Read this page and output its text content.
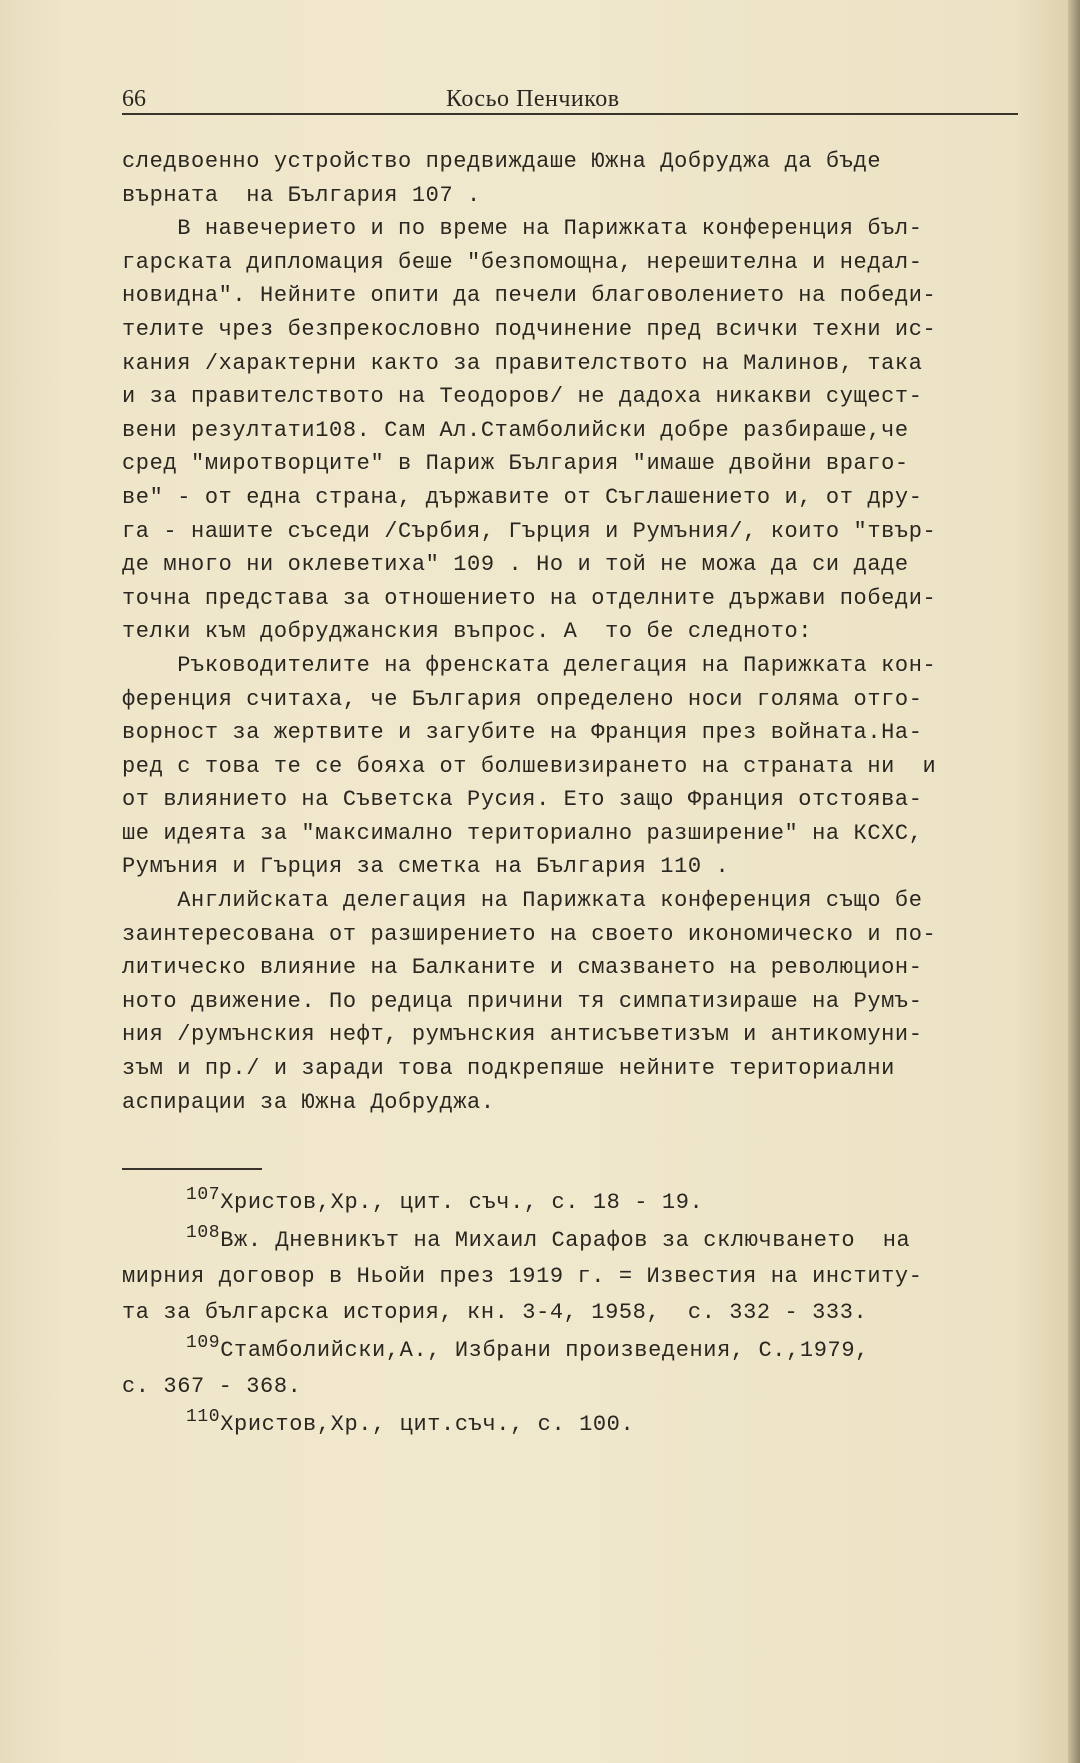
66	Косьо Пенчиков
следвоенно устройство предвиждаше Южна Добруджа да бъде
върната  на България 107 .
В навечерието и по време на Парижката конференция бъл-
гарската дипломация беше "безпомощна, нерешителна и недал-
новидна". Нейните опити да печели благоволението на победи-
телите чрез безпрекословно подчинение пред всички техни ис-
кания /характерни както за правителството на Малинов, така
и за правителството на Теодоров/ не дадоха никакви сущест-
вени резултати108. Сам Ал.Стамболийски добре разбираше,че
сред "миротворците" в Париж България "имаше двойни враго-
ве" - от една страна, държавите от Съглашението и, от дру-
га - нашите съседи /Сърбия, Гърция и Румъния/, които "твър-
де много ни оклеветиха" 109 . Но и той не можа да си даде
точна представа за отношението на отделните държави победи-
телки към добруджанския въпрос. А  то бе следното:
Ръководителите на френската делегация на Парижката кон-
ференция считаха, че България определено носи голяма отго-
ворност за жертвите и загубите на Франция през войната.На-
ред с това те се бояха от болшевизирането на страната ни  и
от влиянието на Съветска Русия. Ето защо Франция отстоява-
ше идеята за "максимално териториално разширение" на КСХС,
Румъния и Гърция за сметка на България 110 .
Английската делегация на Парижката конференция също бе
заинтересована от разширението на своето икономическо и по-
литическо влияние на Балканите и смазването на революцион-
ното движение. По редица причини тя симпатизираше на Румъ-
ния /румънския нефт, румънския антисъветизъм и антикомуни-
зъм и пр./ и заради това подкрепяше нейните териториални
аспирации за Южна Добруджа.
$^{107}$Христов,Хр., цит. съч., с. 18 - 19.
$^{108}$Вж. Дневникът на Михаил Сарафов за сключването  на
мирния договор в Ньойи през 1919 г. = Известия на институ-
та за българска история, кн. 3-4, 1958,  с. 332 - 333.
$^{109}$Стамболийски,А., Избрани произведения, С.,1979,
с. 367 - 368.
$^{110}$Христов,Хр., цит.съч., с. 100.
